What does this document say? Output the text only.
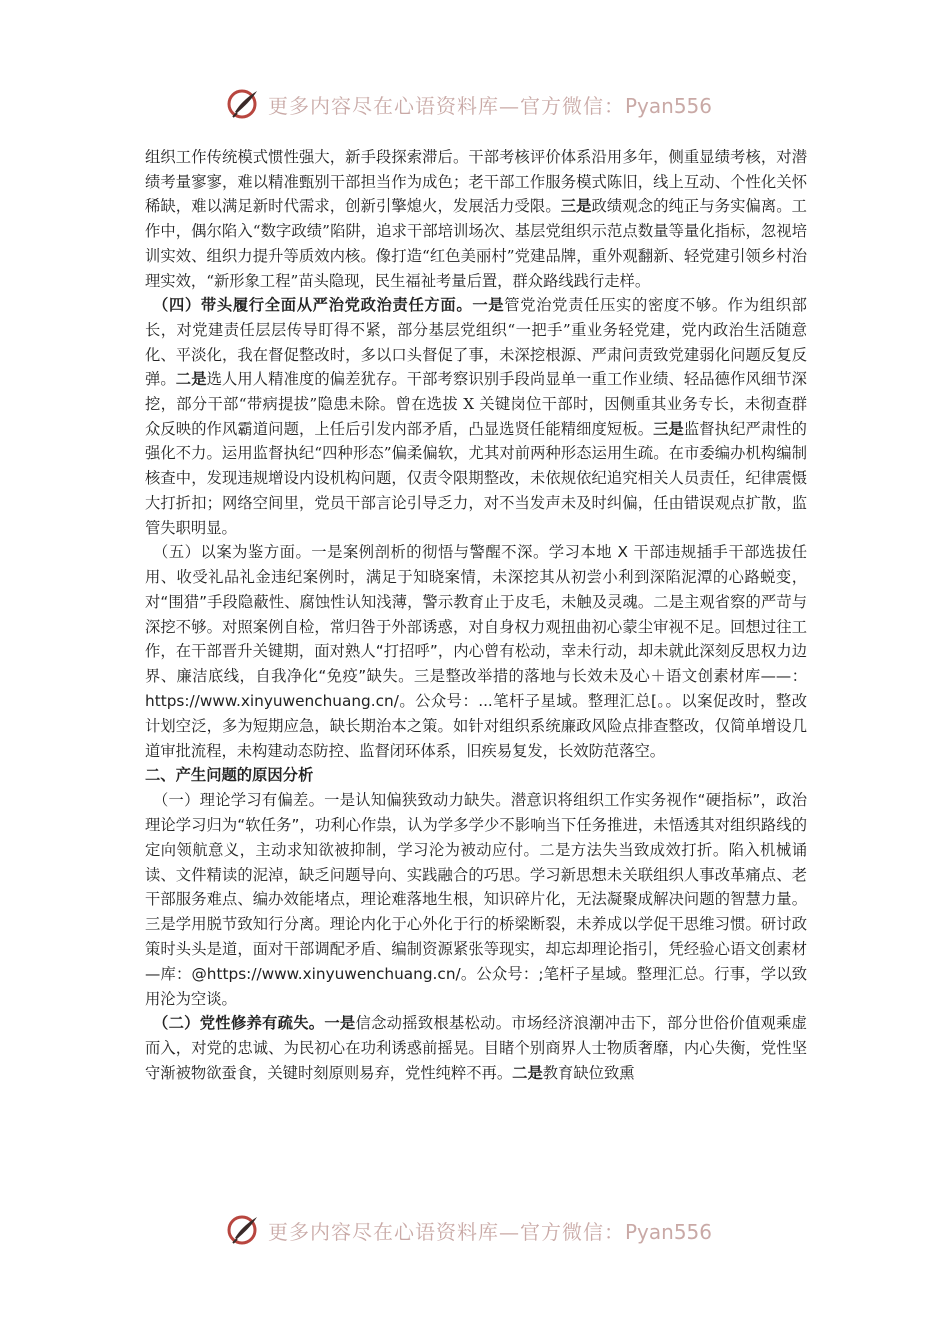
更多内容尽在心语资料库—官方微信：Pyan556

组织工作传统模式惯性强大，新手段探索滞后。干部考核评价体系沿用多年，侧重显绩考核，对潜绩考量寥寥，难以精准甄别干部担当作为成色；老干部工作服务模式陈旧，线上互动、个性化关怀稀缺，难以满足新时代需求，创新引擎熄火，发展活力受限。三是政绩观念的纯正与务实偏离。工作中，偶尔陷入“数字政绩”陷阱，追求干部培训场次、基层党组织示范点数量等量化指标，忽视培训实效、组织力提升等质效内核。像打造“红色美丽村”党建品牌，重外观翻新、轻党建引领乡村治理实效，“新形象工程”苗头隐现，民生福祉考量后置，群众路线践行走样。

（四）带头履行全面从严治党政治责任方面。一是管党治党责任压实的密度不够。作为组织部长，对党建责任层层传导盯得不紧，部分基层党组织“一把手”重业务轻党建，党内政治生活随意化、平淡化，我在督促整改时，多以口头督促了事，未深挖根源、严肃问责致党建弱化问题反复反弹。二是选人用人精准度的偏差犹存。干部考察识别手段尚显单一重工作业绩、轻品德作风细节深挖，部分干部“带病提拔”隐患未除。曾在选拔 X 关键岗位干部时，因侧重其业务专长，未彻查群众反映的作风霸道问题，上任后引发内部矛盾，凸显选贤任能精细度短板。三是监督执纪严肃性的强化不力。运用监督执纪“四种形态”偏柔偏软，尤其对前两种形态运用生疏。在市委编办机构编制核查中，发现违规增设内设机构问题，仅责令限期整改，未依规依纪追究相关人员责任，纪律震慑大打折扣；网络空间里，党员干部言论引导乏力，对不当发声未及时纠偏，任由错误观点扩散，监管失职明显。

（五）以案为鉴方面。一是案例剖析的彻悟与警醒不深。学习本地 X 干部违规插手干部选拔任用、收受礼品礼金违纪案例时，满足于知晓案情，未深挖其从初尝小利到深陷泥潭的心路蜕变，对“围猎”手段隐蔽性、腐蚀性认知浅薄，警示教育止于皮毛，未触及灵魂。二是主观省察的严苛与深挖不够。对照案例自检，常归咎于外部诱惑，对自身权力观扭曲初心蒙尘审视不足。回想过往工作，在干部晋升关键期，面对熟人“打招呼”，内心曾有松动，幸未行动，却未就此深刻反思权力边界、廉洁底线，自我净化“免疫”缺失。三是整改举措的落地与长效未及心＋语文创素材库——：https://www.xinyuwenchuang.cn/。公众号：...笔杆子星域。整理汇总[。。以案促改时，整改计划空泛，多为短期应急，缺长期治本之策。如针对组织系统廉政风险点排查整改，仅简单增设几道审批流程，未构建动态防控、监督闭环体系，旧疾易复发，长效防范落空。

二、产生问题的原因分析

（一）理论学习有偏差。一是认知偏狭致动力缺失。潜意识将组织工作实务视作“硬指标”，政治理论学习归为“软任务”，功利心作祟，认为学多学少不影响当下任务推进，未悟透其对组织路线的定向领航意义，主动求知欲被抑制，学习沦为被动应付。二是方法失当致成效打折。陷入机械诵读、文件精读的泥淖，缺乏问题导向、实践融合的巧思。学习新思想未关联组织人事改革痛点、老干部服务难点、编办效能堵点，理论难落地生根，知识碎片化，无法凝聚成解决问题的智慧力量。三是学用脱节致知行分离。理论内化于心外化于行的桥梁断裂，未养成以学促干思维习惯。研讨政策时头头是道，面对干部调配矛盾、编制资源紧张等现实，却忘却理论指引，凭经验心语文创素材—库：@https://www.xinyuwenchuang.cn/。公众号：;笔杆子星域。整理汇总。行事，学以致用沦为空谈。

（二）党性修养有疏失。一是信念动摇致根基松动。市场经济浪潮冲击下，部分世俗价值观乘虚而入，对党的忠诚、为民初心在功利诱惑前摇晃。目睹个别商界人士物质奢靡，内心失衡，党性坚守渐被物欲蚕食，关键时刻原则易弃，党性纯粹不再。二是教育缺位致熏

更多内容尽在心语资料库—官方微信：Pyan556
